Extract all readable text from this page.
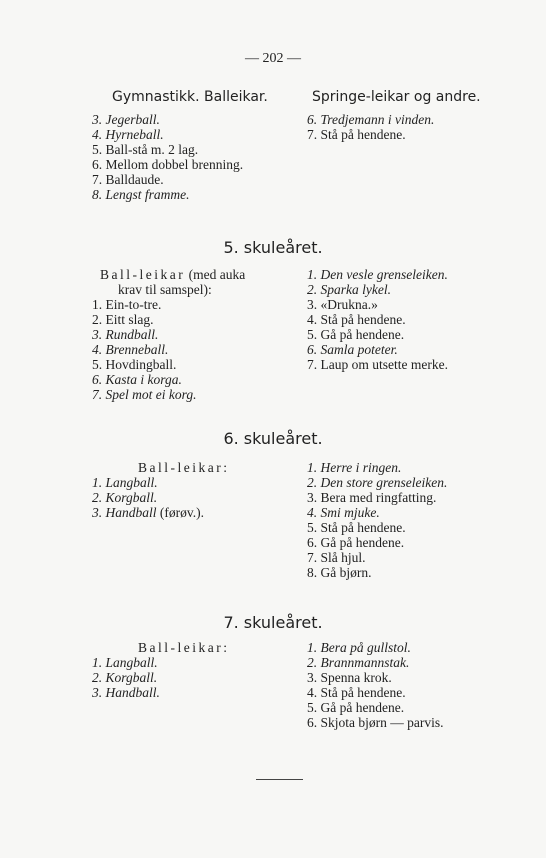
— 202 —
Gymnastikk. Balleikar.	Springe-leikar og andre.
3. Jegerball.
4. Hyrneball.
5. Ball-stå m. 2 lag.
6. Mellom dobbel brenning.
7. Balldaude.
8. Lengst framme.
6. Tredjemann i vinden.
7. Stå på hendene.
5. skuleåret.
Ball-leikar (med auka
krav til samspel):
1. Ein-to-tre.
2. Eitt slag.
3. Rundball.
4. Brenneball.
5. Hovdingball.
6. Kasta i korga.
7. Spel mot ei korg.
1. Den vesle grenseleiken.
2. Sparka lykel.
3. «Drukna.»
4. Stå på hendene.
5. Gå på hendene.
6. Samla poteter.
7. Laup om utsette merke.
6. skuleåret.
Ball-leikar:
1. Langball.
2. Korgball.
3. Handball (førøv.).
1. Herre i ringen.
2. Den store grenseleiken.
3. Bera med ringfatting.
4. Smi mjuke.
5. Stå på hendene.
6. Gå på hendene.
7. Slå hjul.
8. Gå bjørn.
7. skuleåret.
Ball-leikar:
1. Langball.
2. Korgball.
3. Handball.
1. Bera på gullstol.
2. Brannmannstak.
3. Spenna krok.
4. Stå på hendene.
5. Gå på hendene.
6. Skjota bjørn — parvis.
